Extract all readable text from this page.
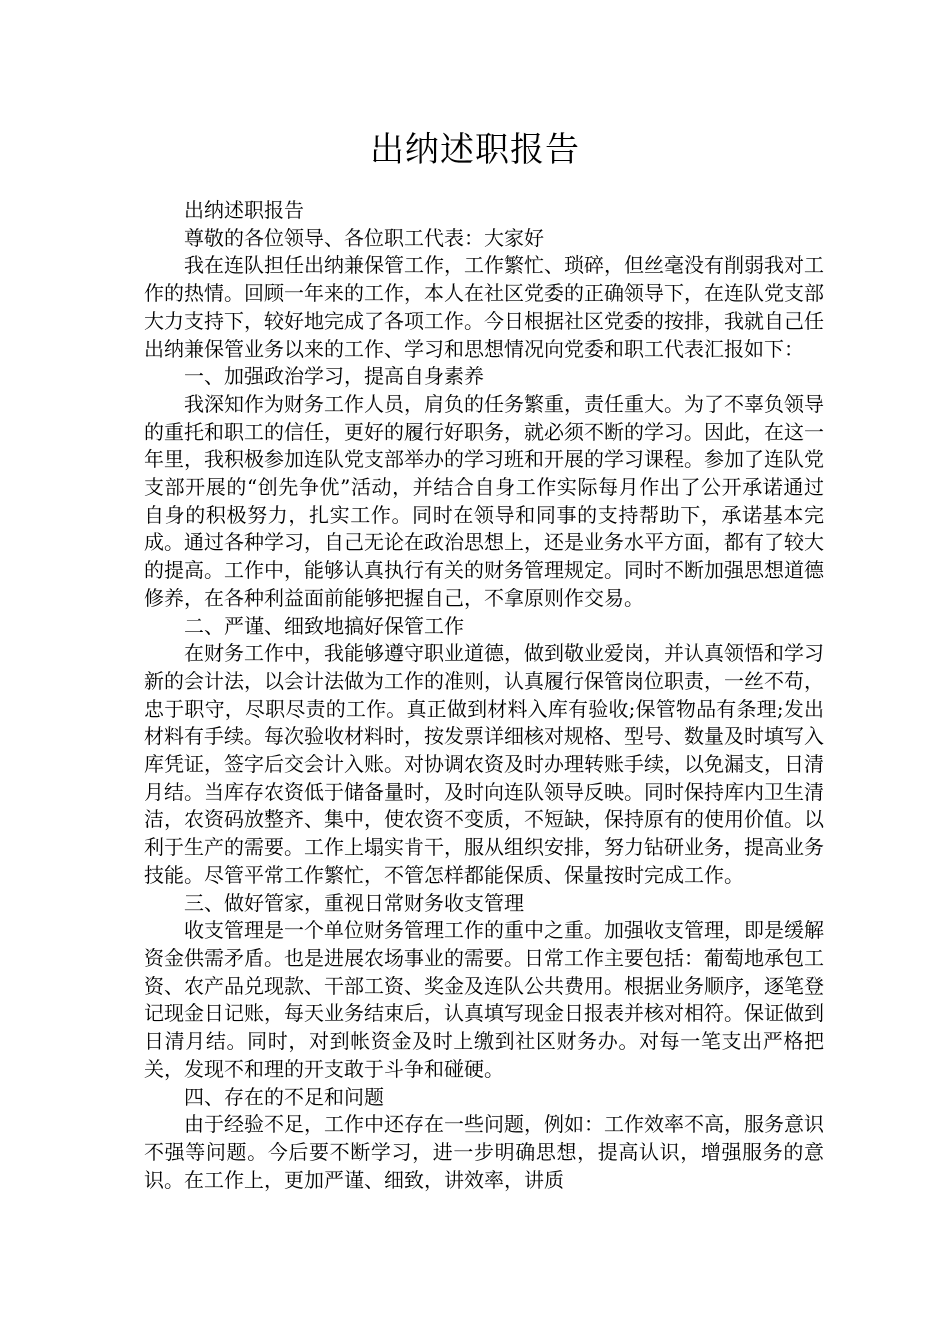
出纳述职报告

出纳述职报告

尊敬的各位领导、各位职工代表：大家好

我在连队担任出纳兼保管工作，工作繁忙、琐碎，但丝毫没有削弱我对工作的热情。回顾一年来的工作，本人在社区党委的正确领导下，在连队党支部大力支持下，较好地完成了各项工作。今日根据社区党委的按排，我就自己任出纳兼保管业务以来的工作、学习和思想情况向党委和职工代表汇报如下：

一、加强政治学习，提高自身素养

我深知作为财务工作人员，肩负的任务繁重，责任重大。为了不辜负领导的重托和职工的信任，更好的履行好职务，就必须不断的学习。因此，在这一年里，我积极参加连队党支部举办的学习班和开展的学习课程。参加了连队党支部开展的“创先争优”活动，并结合自身工作实际每月作出了公开承诺通过自身的积极努力，扎实工作。同时在领导和同事的支持帮助下，承诺基本完成。通过各种学习，自己无论在政治思想上，还是业务水平方面，都有了较大的提高。工作中，能够认真执行有关的财务管理规定。同时不断加强思想道德修养，在各种利益面前能够把握自己，不拿原则作交易。

二、严谨、细致地搞好保管工作

在财务工作中，我能够遵守职业道德，做到敬业爱岗，并认真领悟和学习新的会计法，以会计法做为工作的准则，认真履行保管岗位职责，一丝不苟，忠于职守，尽职尽责的工作。真正做到材料入库有验收;保管物品有条理;发出材料有手续。每次验收材料时，按发票详细核对规格、型号、数量及时填写入库凭证，签字后交会计入账。对协调农资及时办理转账手续，以免漏支，日清月结。当库存农资低于储备量时，及时向连队领导反映。同时保持库内卫生清洁，农资码放整齐、集中，使农资不变质，不短缺，保持原有的使用价值。以利于生产的需要。工作上塌实肯干，服从组织安排，努力钻研业务，提高业务技能。尽管平常工作繁忙，不管怎样都能保质、保量按时完成工作。

三、做好管家，重视日常财务收支管理

收支管理是一个单位财务管理工作的重中之重。加强收支管理，即是缓解资金供需矛盾。也是进展农场事业的需要。日常工作主要包括：葡萄地承包工资、农产品兑现款、干部工资、奖金及连队公共费用。根据业务顺序，逐笔登记现金日记账，每天业务结束后，认真填写现金日报表并核对相符。保证做到日清月结。同时，对到帐资金及时上缴到社区财务办。对每一笔支出严格把关，发现不和理的开支敢于斗争和碰硬。

四、存在的不足和问题

由于经验不足，工作中还存在一些问题，例如：工作效率不高，服务意识不强等问题。今后要不断学习，进一步明确思想，提高认识，增强服务的意识。在工作上，更加严谨、细致，讲效率，讲质
